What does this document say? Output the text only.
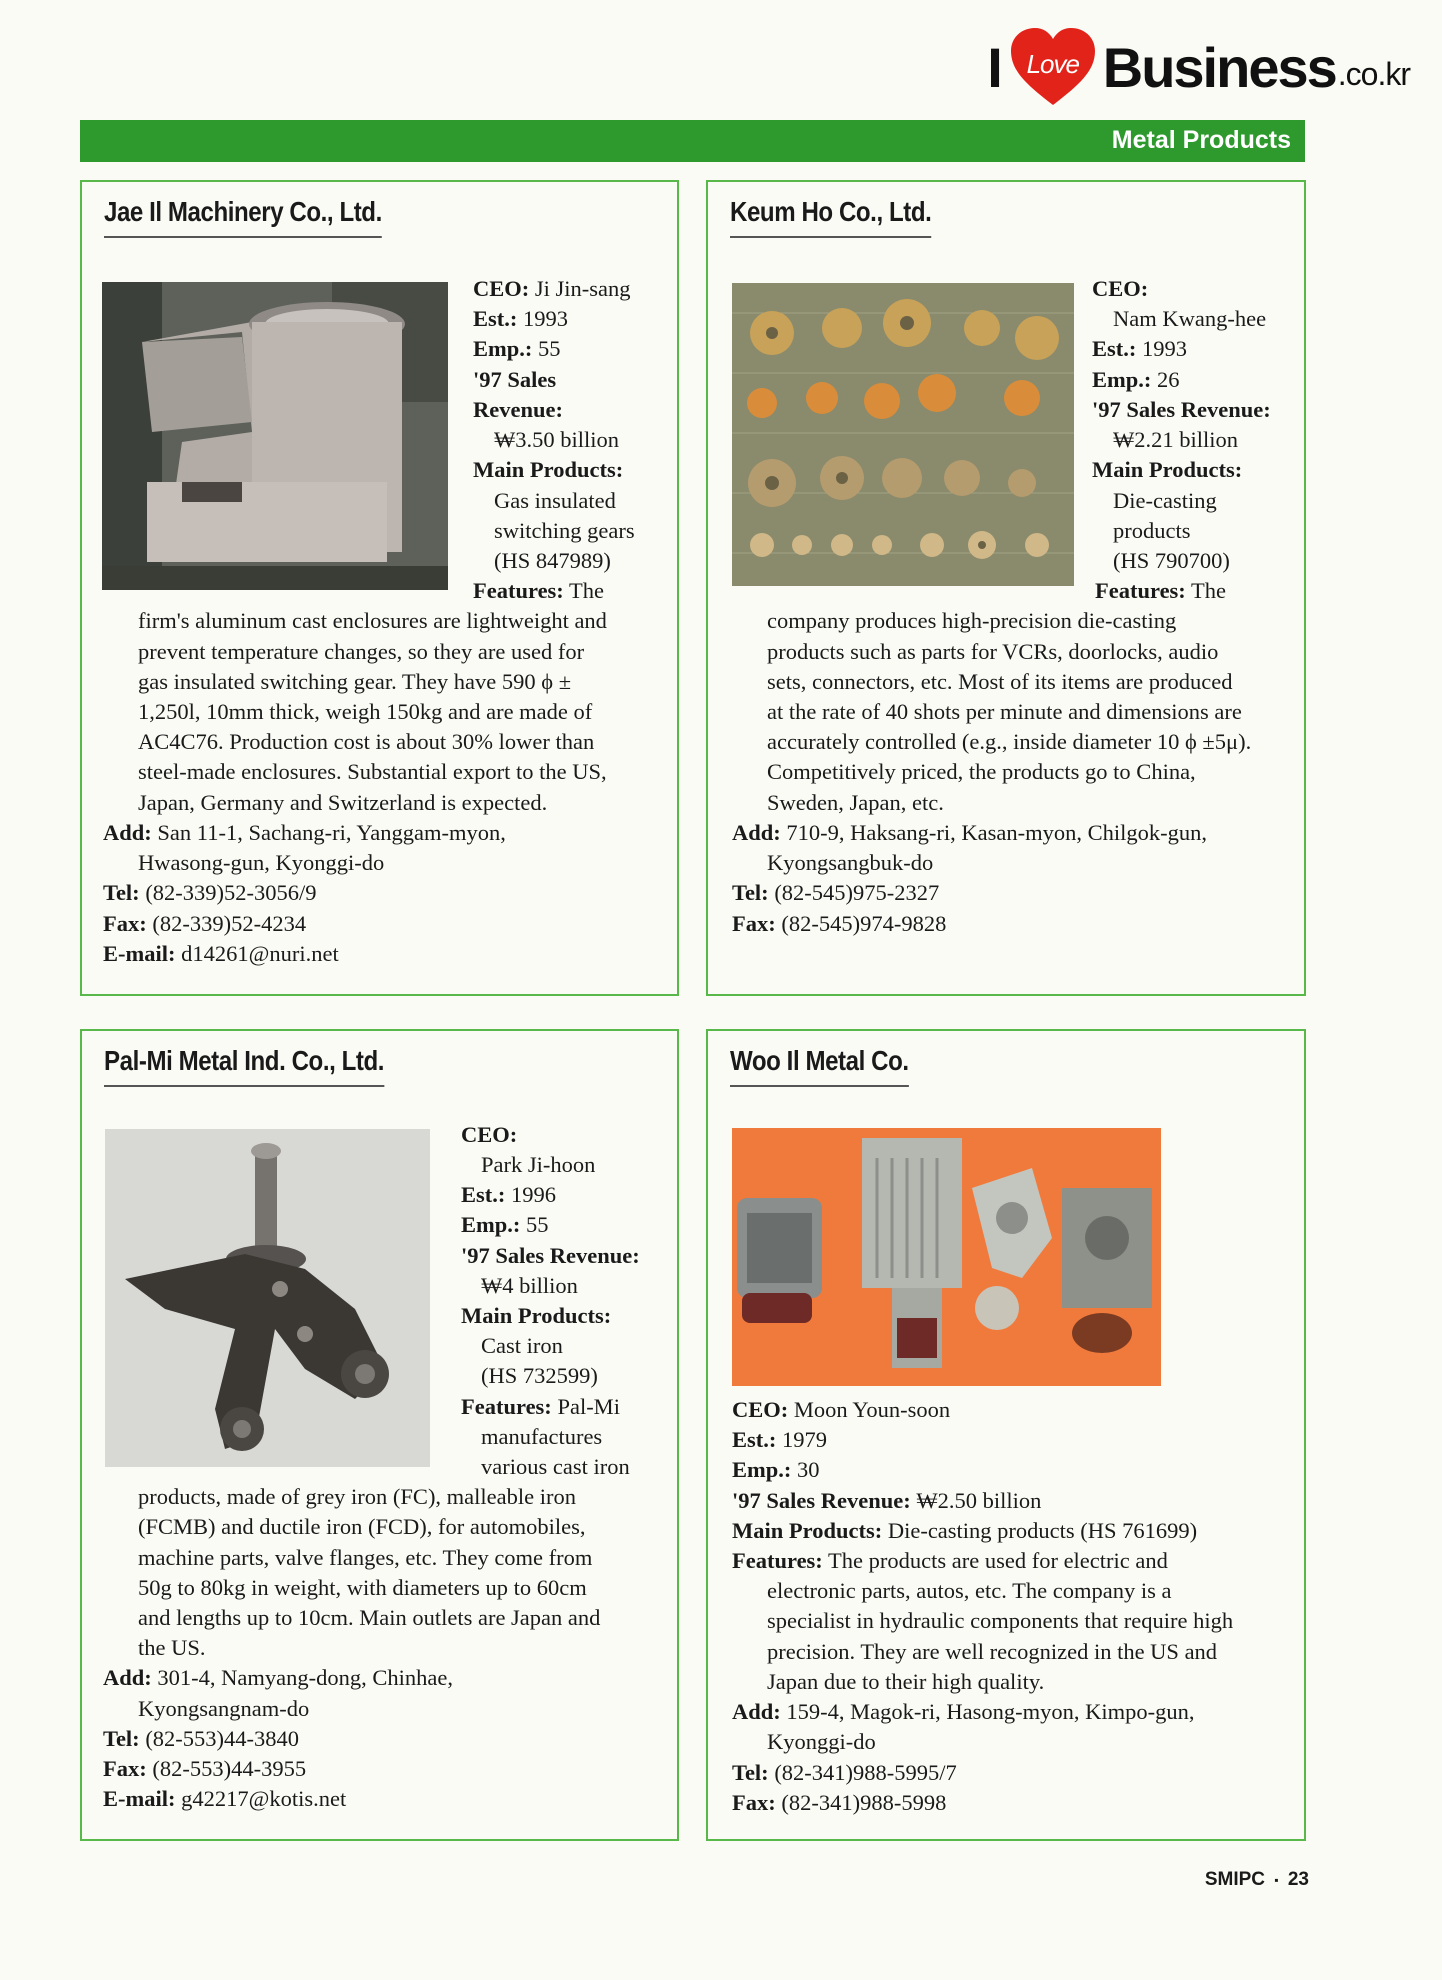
I Love Business .co.kr
Metal Products
Jae Il Machinery Co., Ltd.
CEO: Ji Jin-sang
Est.: 1993
Emp.: 55
'97 Sales
Revenue:
₩3.50 billion
Main Products:
Gas insulated
switching gears
(HS 847989)
Features: The
firm's aluminum cast enclosures are lightweight and
prevent temperature changes, so they are used for
gas insulated switching gear. They have 590 ϕ ±
1,250l, 10mm thick, weigh 150kg and are made of
AC4C76. Production cost is about 30% lower than
steel-made enclosures. Substantial export to the US,
Japan, Germany and Switzerland is expected.
Add: San 11-1, Sachang-ri, Yanggam-myon,
Hwasong-gun, Kyonggi-do
Tel: (82-339)52-3056/9
Fax: (82-339)52-4234
E-mail: d14261@nuri.net
Keum Ho Co., Ltd.
CEO:
Nam Kwang-hee
Est.: 1993
Emp.: 26
'97 Sales Revenue:
₩2.21 billion
Main Products:
Die-casting
products
(HS 790700)
Features: The
company produces high-precision die-casting
products such as parts for VCRs, doorlocks, audio
sets, connectors, etc. Most of its items are produced
at the rate of 40 shots per minute and dimensions are
accurately controlled (e.g., inside diameter 10 ϕ ±5μ).
Competitively priced, the products go to China,
Sweden, Japan, etc.
Add: 710-9, Haksang-ri, Kasan-myon, Chilgok-gun,
Kyongsangbuk-do
Tel: (82-545)975-2327
Fax: (82-545)974-9828
Pal-Mi Metal Ind. Co., Ltd.
CEO:
Park Ji-hoon
Est.: 1996
Emp.: 55
'97 Sales Revenue:
₩4 billion
Main Products:
Cast iron
(HS 732599)
Features: Pal-Mi
manufactures
various cast iron
products, made of grey iron (FC), malleable iron
(FCMB) and ductile iron (FCD), for automobiles,
machine parts, valve flanges, etc. They come from
50g to 80kg in weight, with diameters up to 60cm
and lengths up to 10cm. Main outlets are Japan and
the US.
Add: 301-4, Namyang-dong, Chinhae,
Kyongsangnam-do
Tel: (82-553)44-3840
Fax: (82-553)44-3955
E-mail: g42217@kotis.net
Woo Il Metal Co.
CEO: Moon Youn-soon
Est.: 1979
Emp.: 30
'97 Sales Revenue: ₩2.50 billion
Main Products: Die-casting products (HS 761699)
Features: The products are used for electric and
electronic parts, autos, etc. The company is a
specialist in hydraulic components that require high
precision. They are well recognized in the US and
Japan due to their high quality.
Add: 159-4, Magok-ri, Hasong-myon, Kimpo-gun,
Kyonggi-do
Tel: (82-341)988-5995/7
Fax: (82-341)988-5998
SMIPC ▪ 23
